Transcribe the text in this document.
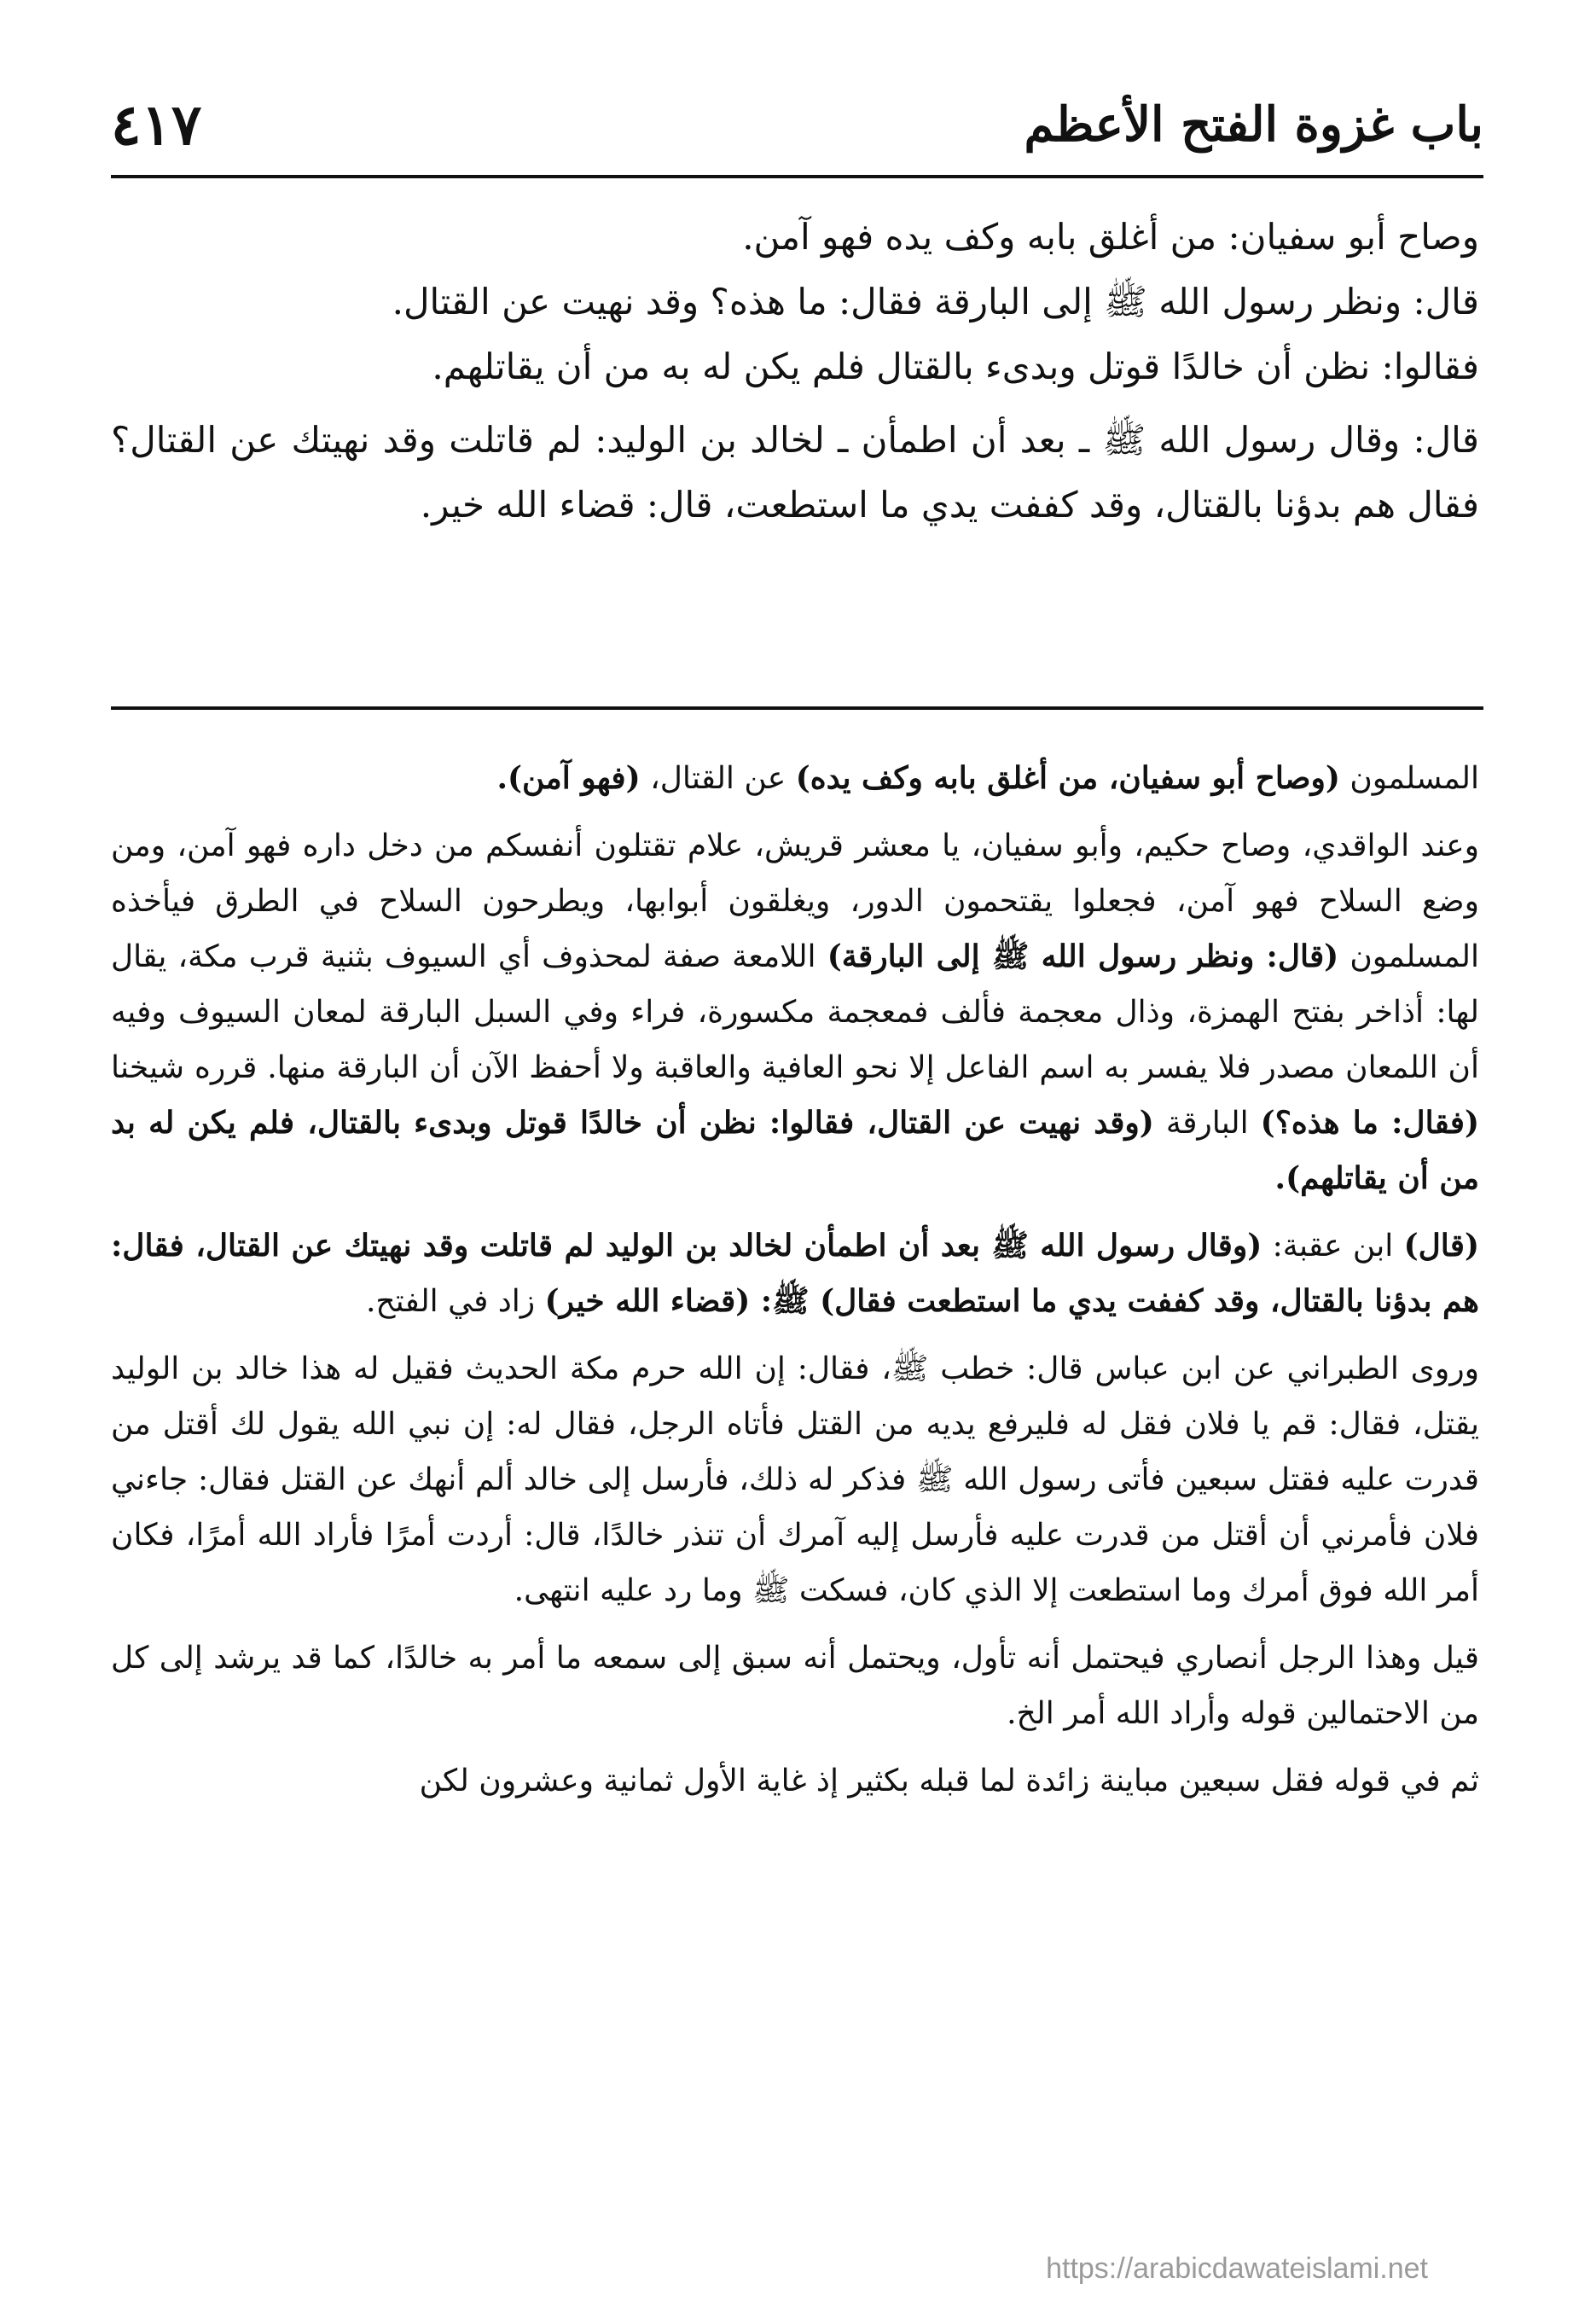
باب غزوة الفتح الأعظم
٤١٧

وصاح أبو سفيان: من أغلق بابه وكف يده فهو آمن.

قال: ونظر رسول الله ﷺ إلى البارقة فقال: ما هذه؟ وقد نهيت عن القتال.

فقالوا: نظن أن خالدًا قوتل وبدىء بالقتال فلم يكن له به من أن يقاتلهم.

قال: وقال رسول الله ﷺ ـ بعد أن اطمأن ـ لخالد بن الوليد: لم قاتلت وقد نهيتك عن القتال؟ فقال هم بدؤنا بالقتال، وقد كففت يدي ما استطعت، قال: قضاء الله خير.

المسلمون (وصاح أبو سفيان، من أغلق بابه وكف يده) عن القتال، (فهو آمن).

وعند الواقدي، وصاح حكيم، وأبو سفيان، يا معشر قريش، علام تقتلون أنفسكم من دخل داره فهو آمن، ومن وضع السلاح فهو آمن، فجعلوا يقتحمون الدور، ويغلقون أبوابها، ويطرحون السلاح في الطرق فيأخذه المسلمون (قال: ونظر رسول الله ﷺ إلى البارقة) اللامعة صفة لمحذوف أي السيوف بثنية قرب مكة، يقال لها: أذاخر بفتح الهمزة، وذال معجمة فألف فمعجمة مكسورة، فراء وفي السبل البارقة لمعان السيوف وفيه أن اللمعان مصدر فلا يفسر به اسم الفاعل إلا نحو العافية والعاقبة ولا أحفظ الآن أن البارقة منها. قرره شيخنا (فقال: ما هذه؟) البارقة (وقد نهيت عن القتال، فقالوا: نظن أن خالدًا قوتل وبدىء بالقتال، فلم يكن له بد من أن يقاتلهم).

(قال) ابن عقبة: (وقال رسول الله ﷺ بعد أن اطمأن لخالد بن الوليد لم قاتلت وقد نهيتك عن القتال، فقال: هم بدؤنا بالقتال، وقد كففت يدي ما استطعت فقال) ﷺ: (قضاء الله خير) زاد في الفتح.

وروى الطبراني عن ابن عباس قال: خطب ﷺ، فقال: إن الله حرم مكة الحديث فقيل له هذا خالد بن الوليد يقتل، فقال: قم يا فلان فقل له فليرفع يديه من القتل فأتاه الرجل، فقال له: إن نبي الله يقول لك أقتل من قدرت عليه فقتل سبعين فأتى رسول الله ﷺ فذكر له ذلك، فأرسل إلى خالد ألم أنهك عن القتل فقال: جاءني فلان فأمرني أن أقتل من قدرت عليه فأرسل إليه آمرك أن تنذر خالدًا، قال: أردت أمرًا فأراد الله أمرًا، فكان أمر الله فوق أمرك وما استطعت إلا الذي كان، فسكت ﷺ وما رد عليه انتهى.

قيل وهذا الرجل أنصاري فيحتمل أنه تأول، ويحتمل أنه سبق إلى سمعه ما أمر به خالدًا، كما قد يرشد إلى كل من الاحتمالين قوله وأراد الله أمر الخ.

ثم في قوله فقل سبعين مباينة زائدة لما قبله بكثير إذ غاية الأول ثمانية وعشرون لكن

https://arabicdawateislami.net
